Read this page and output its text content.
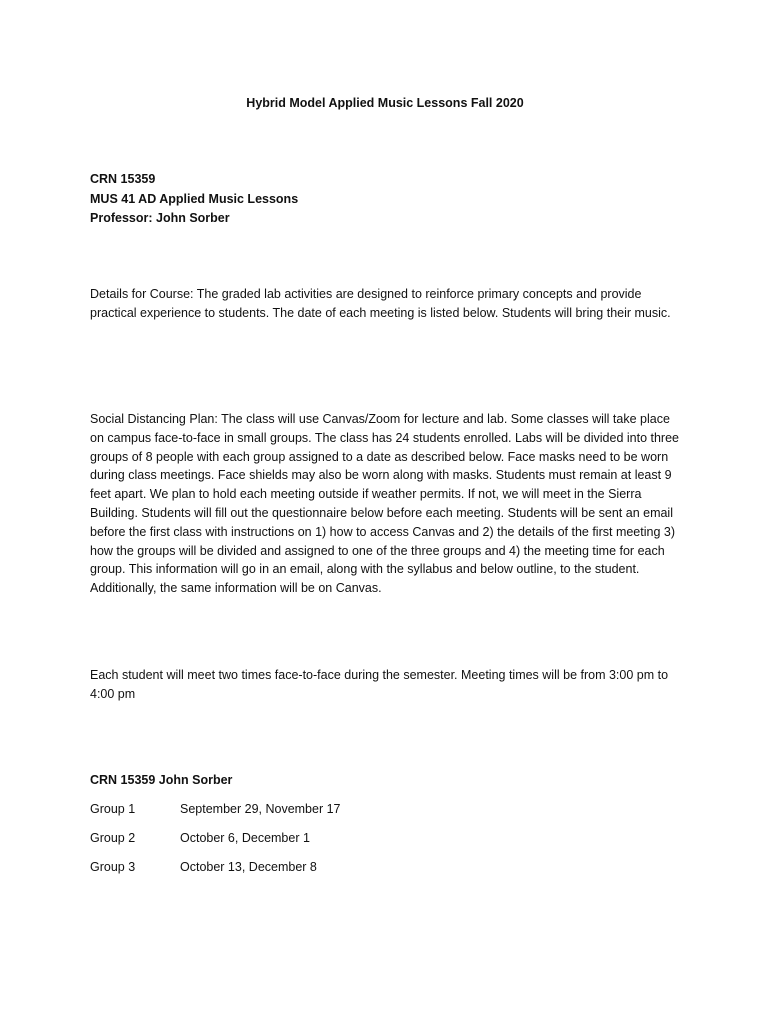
Hybrid Model Applied Music Lessons Fall 2020
CRN 15359
MUS 41 AD Applied Music Lessons
Professor: John Sorber

Details for Course: The graded lab activities are designed to reinforce primary concepts and provide practical experience to students. The date of each meeting is listed below. Students will bring their music.

Social Distancing Plan: The class will use Canvas/Zoom for lecture and lab. Some classes will take place on campus face-to-face in small groups. The class has 24 students enrolled. Labs will be divided into three groups of 8 people with each group assigned to a date as described below. Face masks need to be worn during class meetings. Face shields may also be worn along with masks. Students must remain at least 9 feet apart. We plan to hold each meeting outside if weather permits. If not, we will meet in the Sierra Building. Students will fill out the questionnaire below before each meeting. Students will be sent an email before the first class with instructions on 1) how to access Canvas and 2) the details of the first meeting 3) how the groups will be divided and assigned to one of the three groups and 4) the meeting time for each group. This information will go in an email, along with the syllabus and below outline, to the student. Additionally, the same information will be on Canvas.

Each student will meet two times face-to-face during the semester. Meeting times will be from 3:00 pm to 4:00 pm

CRN 15359 John Sorber
Group 1	September 29, November 17
Group 2	October 6, December 1
Group 3	October 13, December 8
